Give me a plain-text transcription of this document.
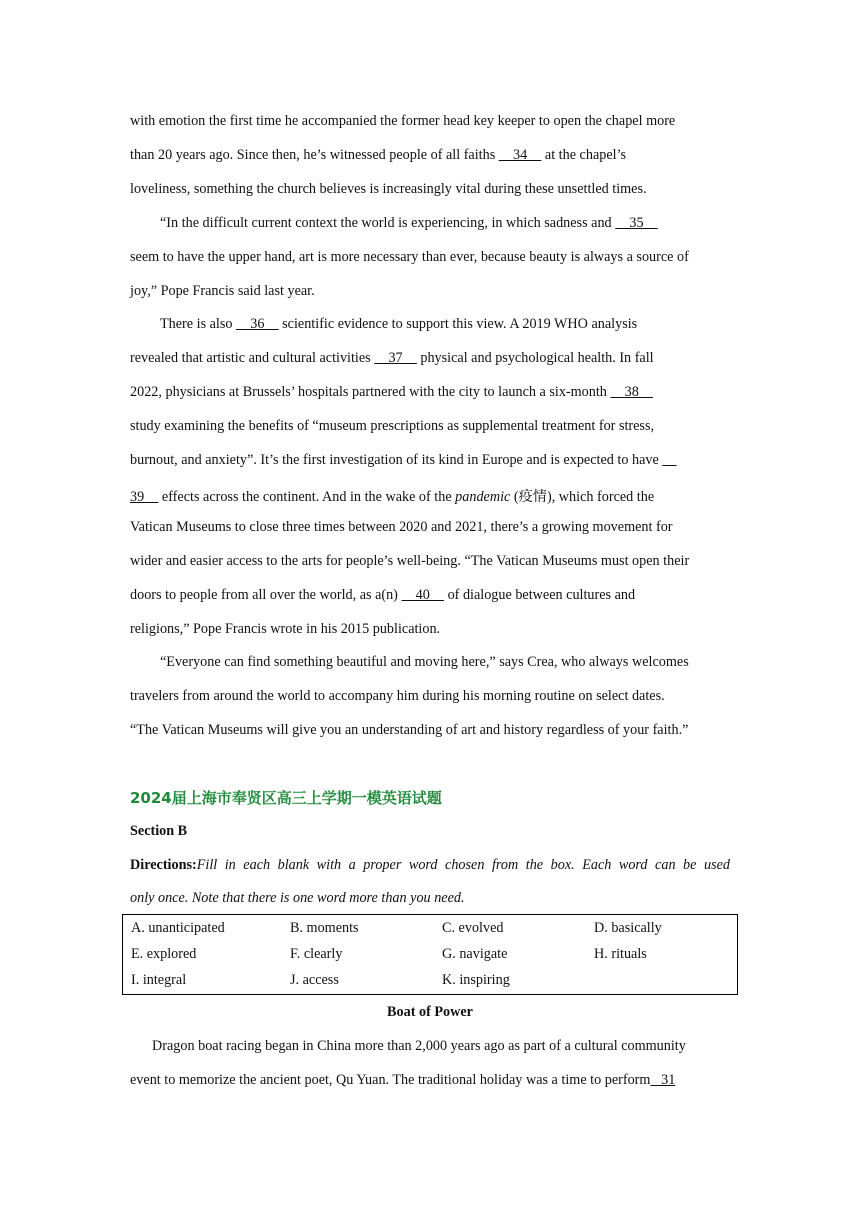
with emotion the first time he accompanied the former head key keeper to open the chapel more
than 20 years ago. Since then, he’s witnessed people of all faiths     34     at the chapel’s
loveliness, something the church believes is increasingly vital during these unsettled times.
“In the difficult current context the world is experiencing, in which sadness and     35
seem to have the upper hand, art is more necessary than ever, because beauty is always a source of
joy,” Pope Francis said last year.
There is also     36     scientific evidence to support this view. A 2019 WHO analysis
revealed that artistic and cultural activities     37     physical and psychological health. In fall
2022, physicians at Brussels’ hospitals partnered with the city to launch a six-month     38
study examining the benefits of “museum prescriptions as supplemental treatment for stress,
burnout, and anxiety”. It’s the first investigation of its kind in Europe and is expected to have
39     effects across the continent. And in the wake of the pandemic (疫情), which forced the
Vatican Museums to close three times between 2020 and 2021, there’s a growing movement for
wider and easier access to the arts for people’s well-being. “The Vatican Museums must open their
doors to people from all over the world, as a(n)     40     of dialogue between cultures and
religions,” Pope Francis wrote in his 2015 publication.
“Everyone can find something beautiful and moving here,” says Crea, who always welcomes
travelers from around the world to accompany him during his morning routine on select dates.
“The Vatican Museums will give you an understanding of art and history regardless of your faith.”
2024届上海市奉贤区高三上学期一模英语试题
Section B
Directions:Fill in each blank with a proper word chosen from the box. Each word can be used
only once. Note that there is one word more than you need.
A. unanticipated	B. moments	C. evolved	D. basically
E. explored	F. clearly	G. navigate	H. rituals
I. integral	J. access	K. inspiring	
Boat of Power
Dragon boat racing began in China more than 2,000 years ago as part of a cultural community
event to memorize the ancient poet, Qu Yuan. The traditional holiday was a time to perform   31
